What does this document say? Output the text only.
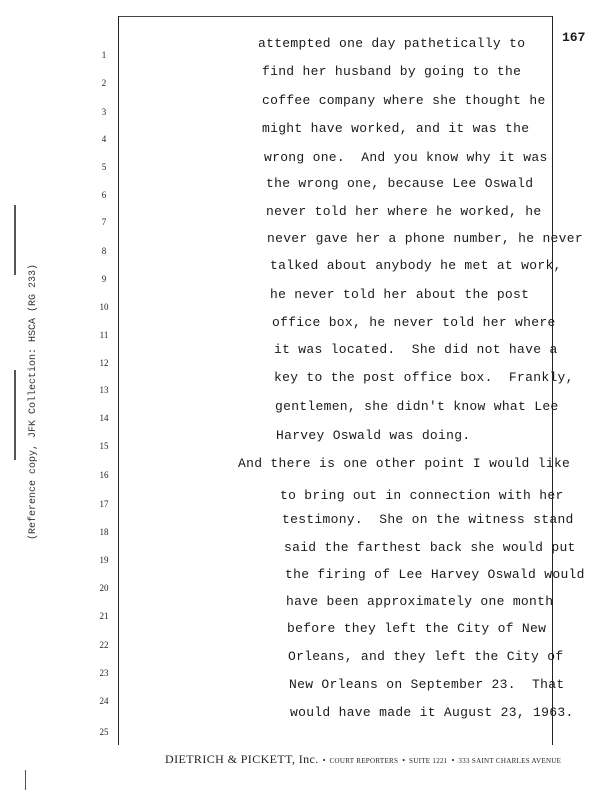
167
(Reference copy, JFK Collection: HSCA (RG 233)
1
attempted one day pathetically to
2
find her husband by going to the
3
coffee company where she thought he
4
might have worked, and it was the
5
wrong one.  And you know why it was
6
the wrong one, because Lee Oswald
7
never told her where he worked, he
8
never gave her a phone number, he never
9
talked about anybody he met at work,
10
he never told her about the post
11
office box, he never told her where
12
it was located.  She did not have a
13
key to the post office box.  Frankly,
14
gentlemen, she didn't know what Lee
15
Harvey Oswald was doing.
16
And there is one other point I would like
17
to bring out in connection with her
18
testimony.  She on the witness stand
19
said the farthest back she would put
20
the firing of Lee Harvey Oswald would
21
have been approximately one month
22
before they left the City of New
23
Orleans, and they left the City of
24
New Orleans on September 23.  That
25
would have made it August 23, 1963.
DIETRICH & PICKETT, Inc. • COURT REPORTERS • SUITE 1221 • 333 SAINT CHARLES AVENUE
